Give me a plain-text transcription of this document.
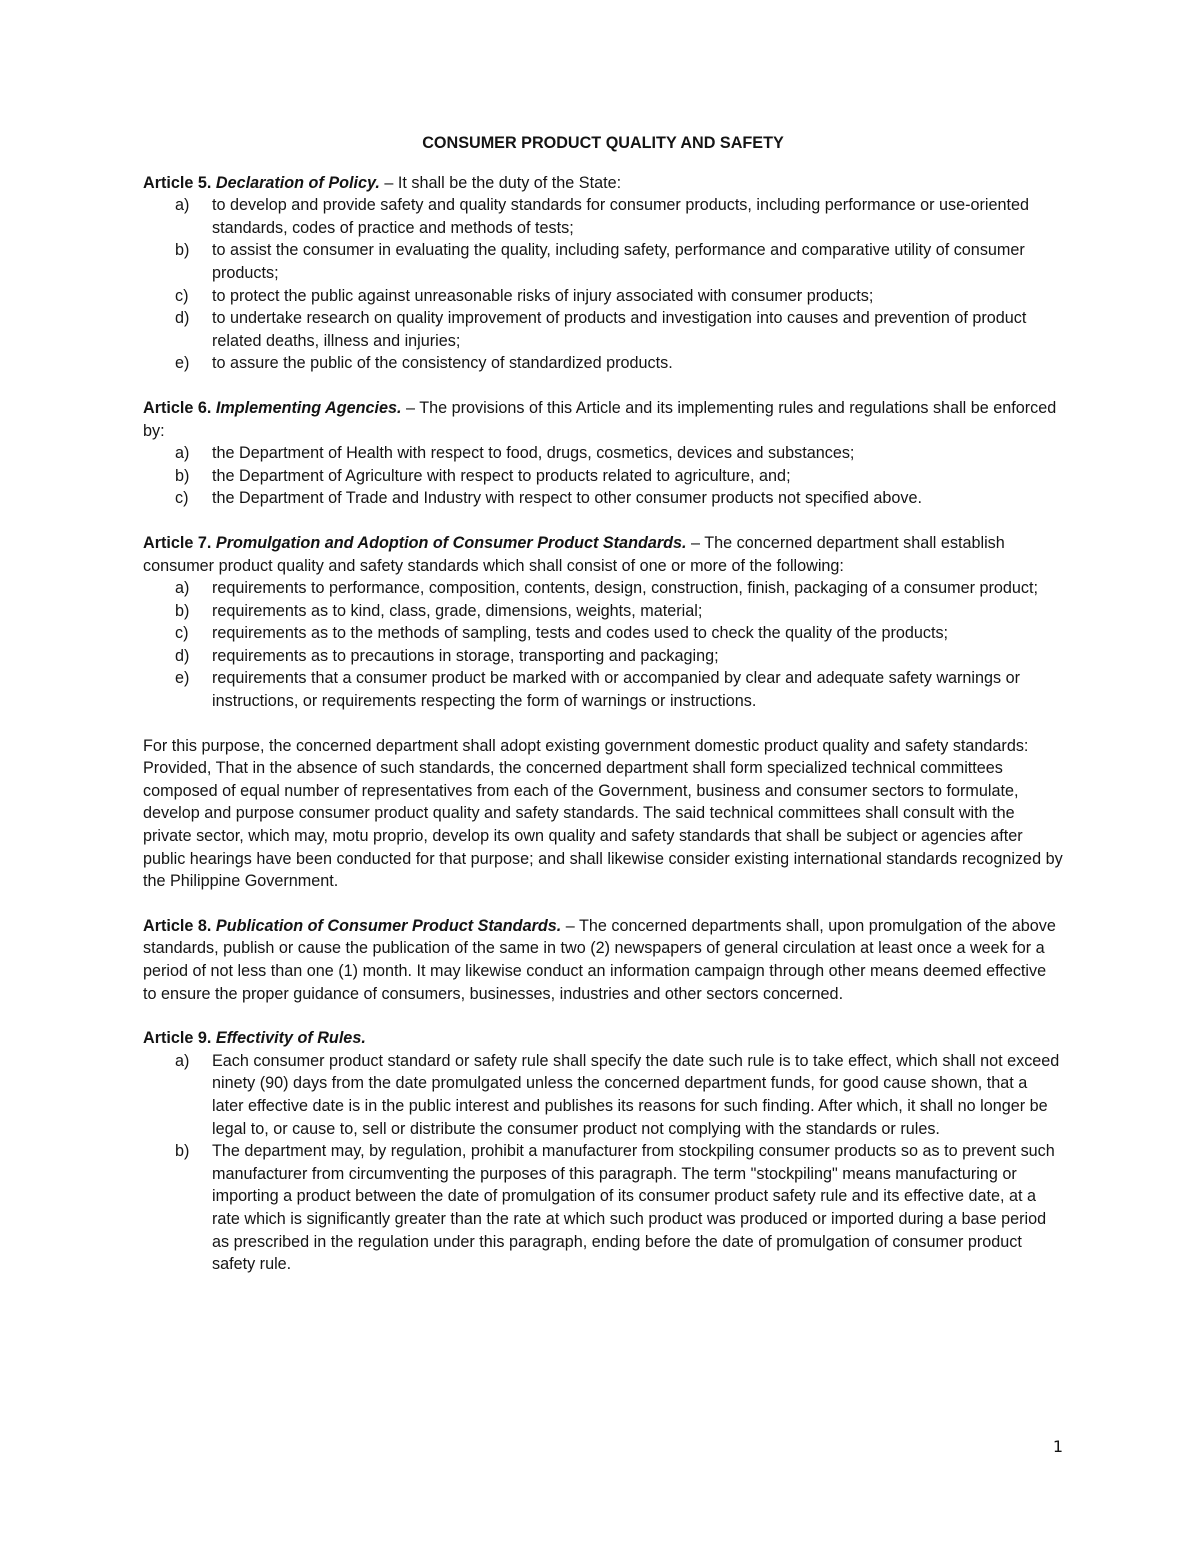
CONSUMER PRODUCT QUALITY AND SAFETY
Article 5. Declaration of Policy. – It shall be the duty of the State:
a) to develop and provide safety and quality standards for consumer products, including performance or use-oriented standards, codes of practice and methods of tests;
b) to assist the consumer in evaluating the quality, including safety, performance and comparative utility of consumer products;
c) to protect the public against unreasonable risks of injury associated with consumer products;
d) to undertake research on quality improvement of products and investigation into causes and prevention of product related deaths, illness and injuries;
e) to assure the public of the consistency of standardized products.
Article 6. Implementing Agencies. – The provisions of this Article and its implementing rules and regulations shall be enforced by:
a) the Department of Health with respect to food, drugs, cosmetics, devices and substances;
b) the Department of Agriculture with respect to products related to agriculture, and;
c) the Department of Trade and Industry with respect to other consumer products not specified above.
Article 7. Promulgation and Adoption of Consumer Product Standards. – The concerned department shall establish consumer product quality and safety standards which shall consist of one or more of the following:
a) requirements to performance, composition, contents, design, construction, finish, packaging of a consumer product;
b) requirements as to kind, class, grade, dimensions, weights, material;
c) requirements as to the methods of sampling, tests and codes used to check the quality of the products;
d) requirements as to precautions in storage, transporting and packaging;
e) requirements that a consumer product be marked with or accompanied by clear and adequate safety warnings or instructions, or requirements respecting the form of warnings or instructions.

For this purpose, the concerned department shall adopt existing government domestic product quality and safety standards: Provided, That in the absence of such standards, the concerned department shall form specialized technical committees composed of equal number of representatives from each of the Government, business and consumer sectors to formulate, develop and purpose consumer product quality and safety standards. The said technical committees shall consult with the private sector, which may, motu proprio, develop its own quality and safety standards that shall be subject or agencies after public hearings have been conducted for that purpose; and shall likewise consider existing international standards recognized by the Philippine Government.

Article 8. Publication of Consumer Product Standards. – The concerned departments shall, upon promulgation of the above standards, publish or cause the publication of the same in two (2) newspapers of general circulation at least once a week for a period of not less than one (1) month. It may likewise conduct an information campaign through other means deemed effective to ensure the proper guidance of consumers, businesses, industries and other sectors concerned.
Article 9. Effectivity of Rules.
a) Each consumer product standard or safety rule shall specify the date such rule is to take effect, which shall not exceed ninety (90) days from the date promulgated unless the concerned department funds, for good cause shown, that a later effective date is in the public interest and publishes its reasons for such finding. After which, it shall no longer be legal to, or cause to, sell or distribute the consumer product not complying with the standards or rules.
b) The department may, by regulation, prohibit a manufacturer from stockpiling consumer products so as to prevent such manufacturer from circumventing the purposes of this paragraph. The term "stockpiling" means manufacturing or importing a product between the date of promulgation of its consumer product safety rule and its effective date, at a rate which is significantly greater than the rate at which such product was produced or imported during a base period as prescribed in the regulation under this paragraph, ending before the date of promulgation of consumer product safety rule.
1
